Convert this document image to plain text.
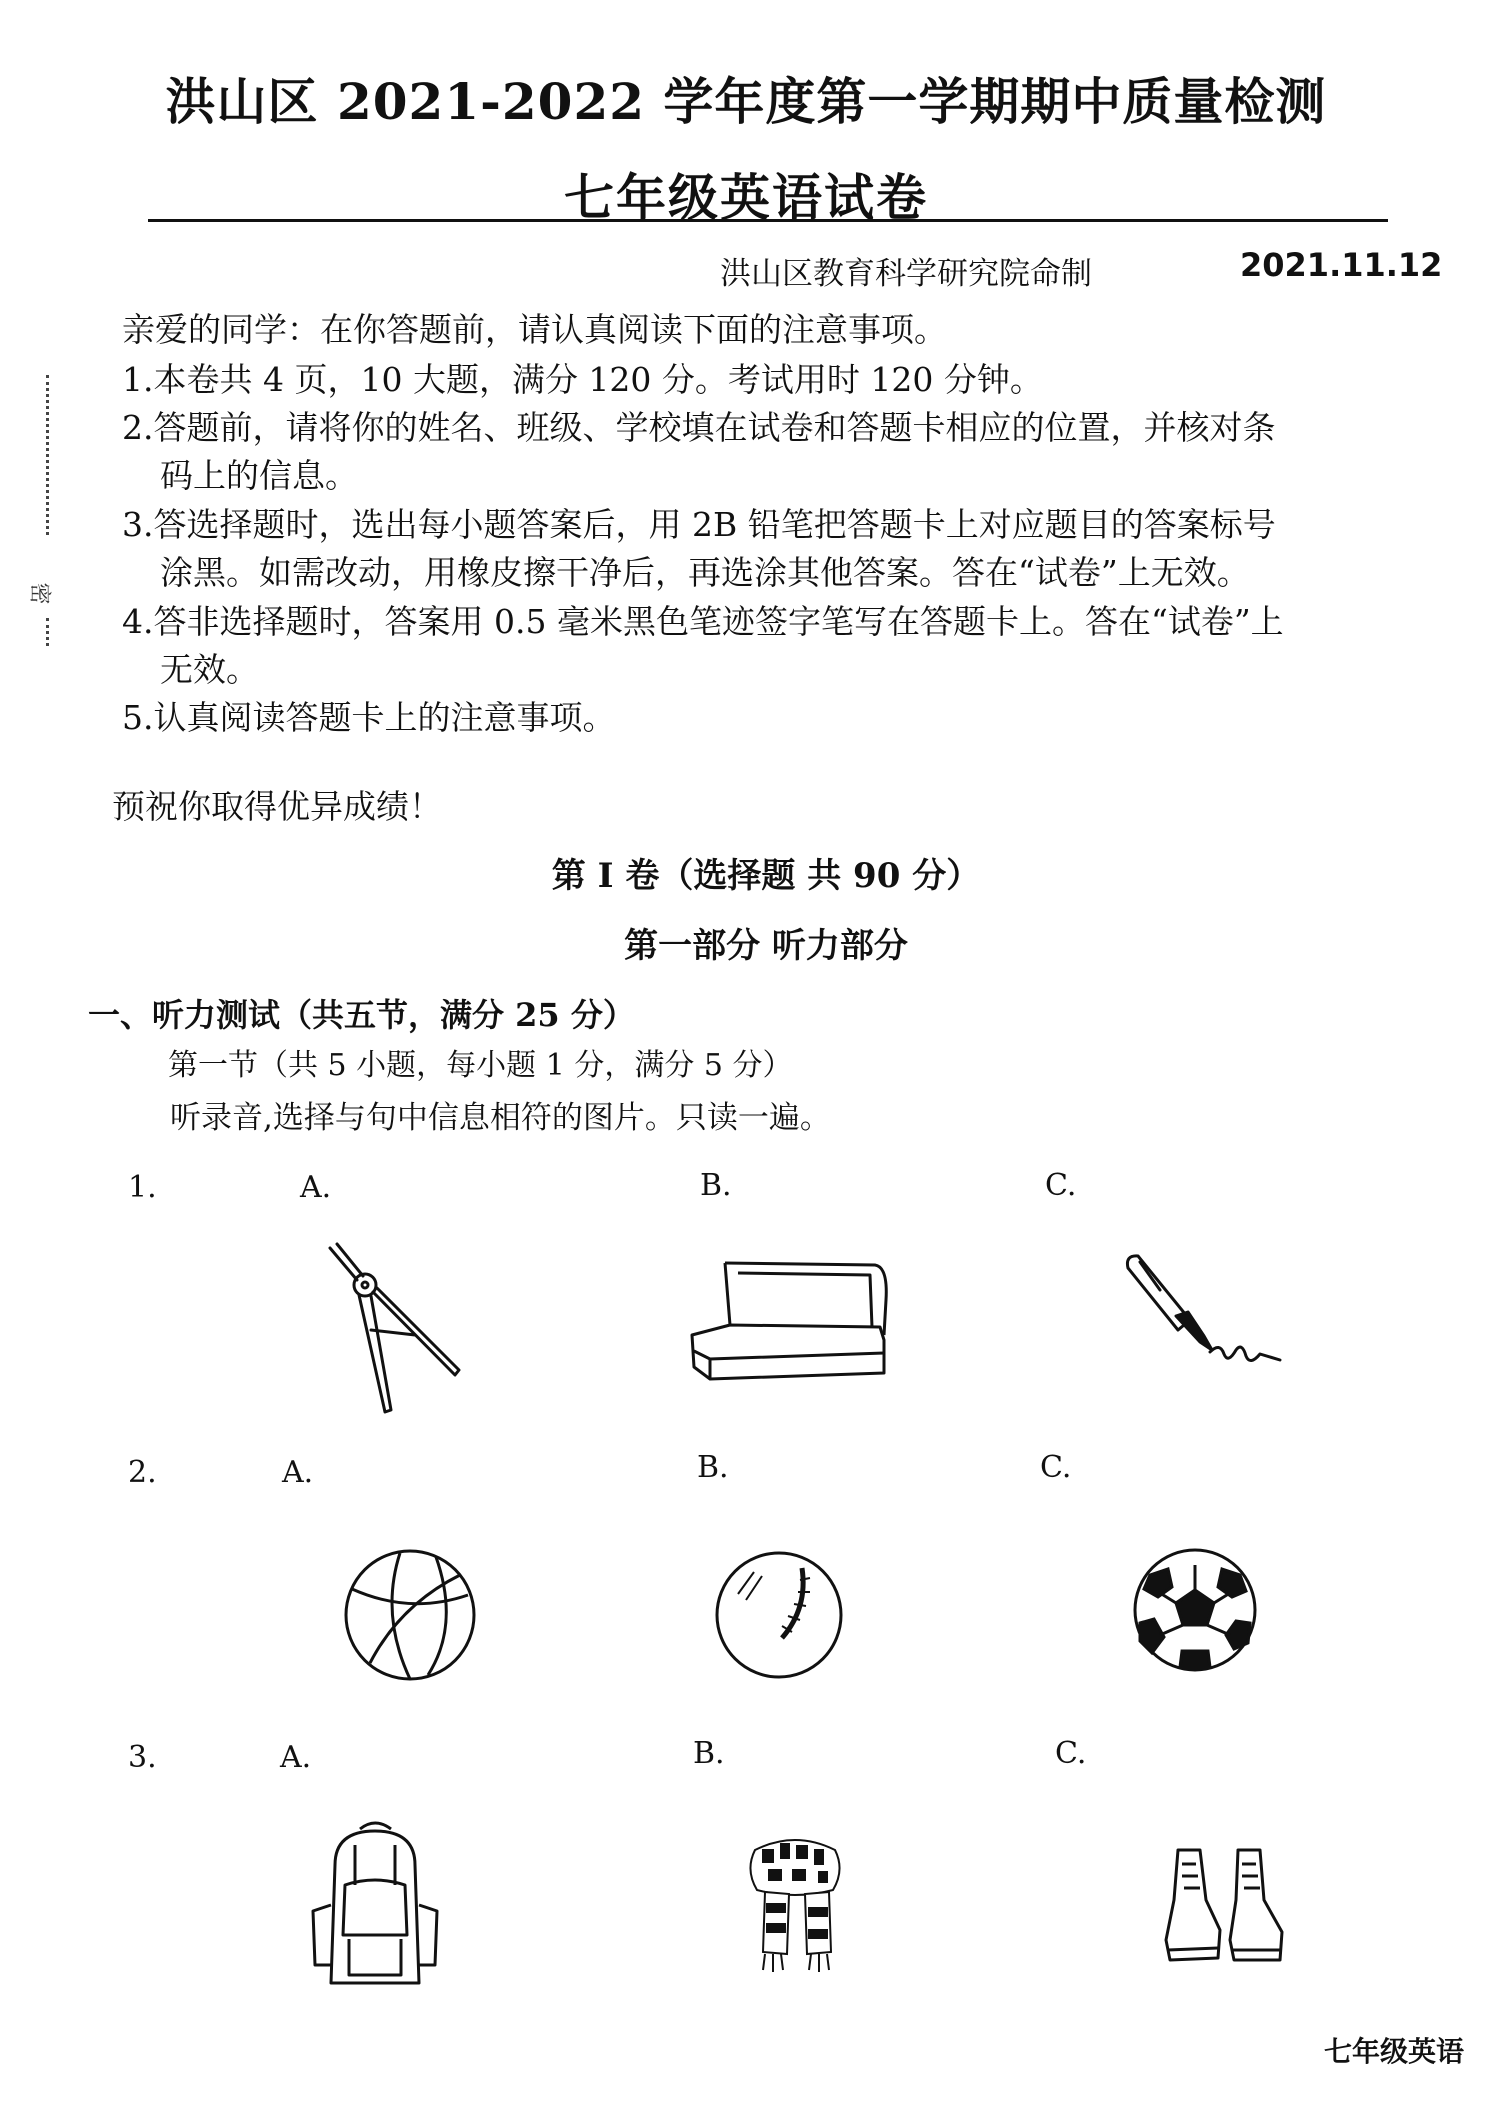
洪山区 2021-2022 学年度第一学期期中质量检测
七年级英语试卷
洪山区教育科学研究院命制	2021.11.12
密
亲爱的同学：在你答题前，请认真阅读下面的注意事项。
1.本卷共 4 页，10 大题，满分 120 分。考试用时 120 分钟。
2.答题前，请将你的姓名、班级、学校填在试卷和答题卡相应的位置，并核对条
码上的信息。
3.答选择题时，选出每小题答案后，用 2B 铅笔把答题卡上对应题目的答案标号
涂黑。如需改动，用橡皮擦干净后，再选涂其他答案。答在“试卷”上无效。
4.答非选择题时，答案用 0.5 毫米黑色笔迹签字笔写在答题卡上。答在“试卷”上
无效。
5.认真阅读答题卡上的注意事项。
预祝你取得优异成绩！
第 I 卷（选择题 共 90 分）
第一部分 听力部分
一、听力测试（共五节，满分 25 分）
第一节（共 5 小题，每小题 1 分，满分 5 分）
听录音,选择与句中信息相符的图片。只读一遍。
1.	A.	B.	C.
2.	A.	B.	C.
3.	A.	B.	C.
七年级英语
